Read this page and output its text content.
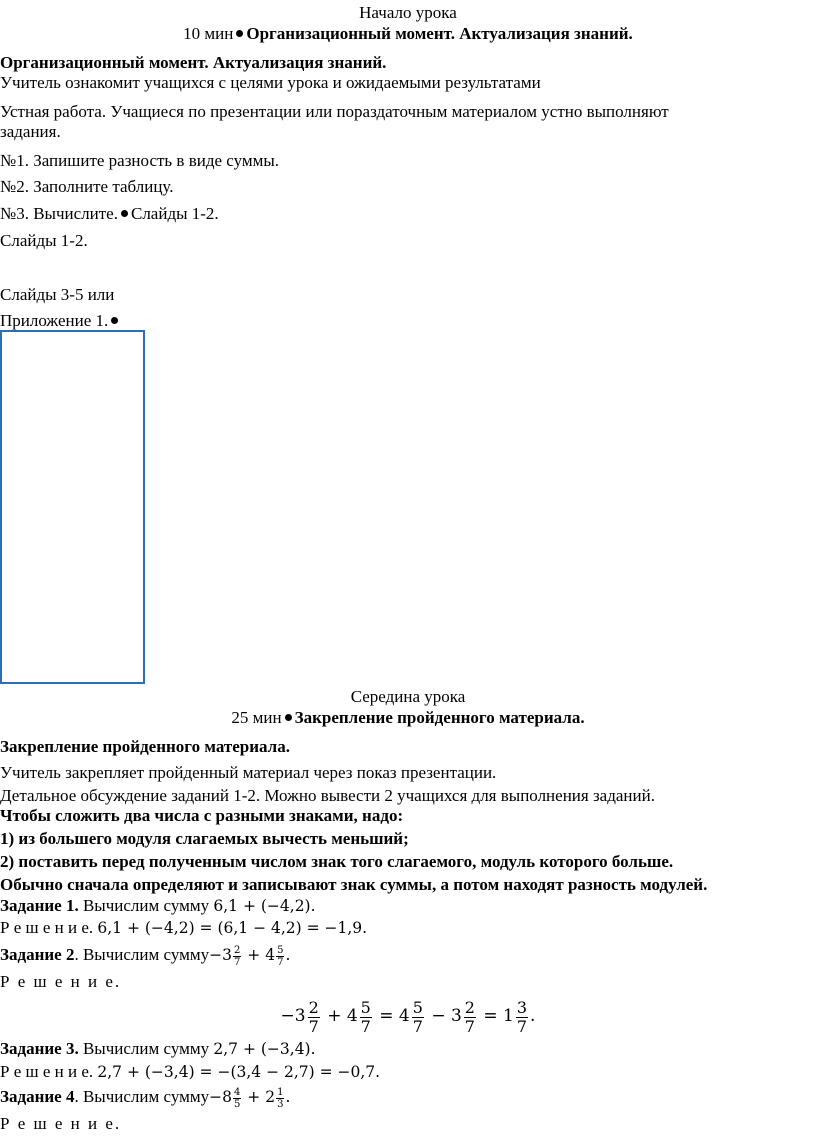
Начало урока
10 мин Организационный момент. Актуализация знаний.
Организационный момент. Актуализация знаний.
Учитель ознакомит учащихся с целями урока и ожидаемыми результатами
Устная работа. Учащиеся по презентации или пораздаточным материалом устно выполняют
задания.
№1. Запишите разность в виде суммы.
№2. Заполните таблицу.
№3. Вычислите. Слайды 1-2.
Слайды 1-2.
Слайды 3-5 или
Приложение 1.
Середина урока
25 мин Закрепление пройденного материала.
Закрепление пройденного материала.
Учитель закрепляет пройденный материал через показ презентации.
Детальное обсуждение заданий 1-2. Можно вывести 2 учащихся для выполнения заданий.
Чтобы сложить два числа с разными знаками, надо:
1) из большего модуля слагаемых вычесть меньший;
2) поставить перед полученным числом знак того слагаемого, модуль которого больше.
Обычно сначала определяют и записывают знак суммы, а потом находят разность модулей.
Задание 1. Вычислим сумму 6,1 + (−4,2).
Р е ш е н и е. 6,1 + (−4,2) = (6,1 − 4,2) = −1,9.
Задание 2. Вычислим сумму−3 $\frac{2}{7} + 4 \frac{5}{7}$ .
Р е ш е н и е.
$-3 \frac{2}{7} + 4 \frac{5}{7} = 4 \frac{5}{7} - 3 \frac{2}{7} = 1 \frac{3}{7}$ .
Задание 3. Вычислим сумму 2,7 + (−3,4).
Р е ш е н и е. 2,7 + (−3,4) = −(3,4 − 2,7) = −0,7.
Задание 4. Вычислим сумму−8 $\frac{4}{5} + 2 \frac{1}{3}$ .
Р е ш е н и е.
